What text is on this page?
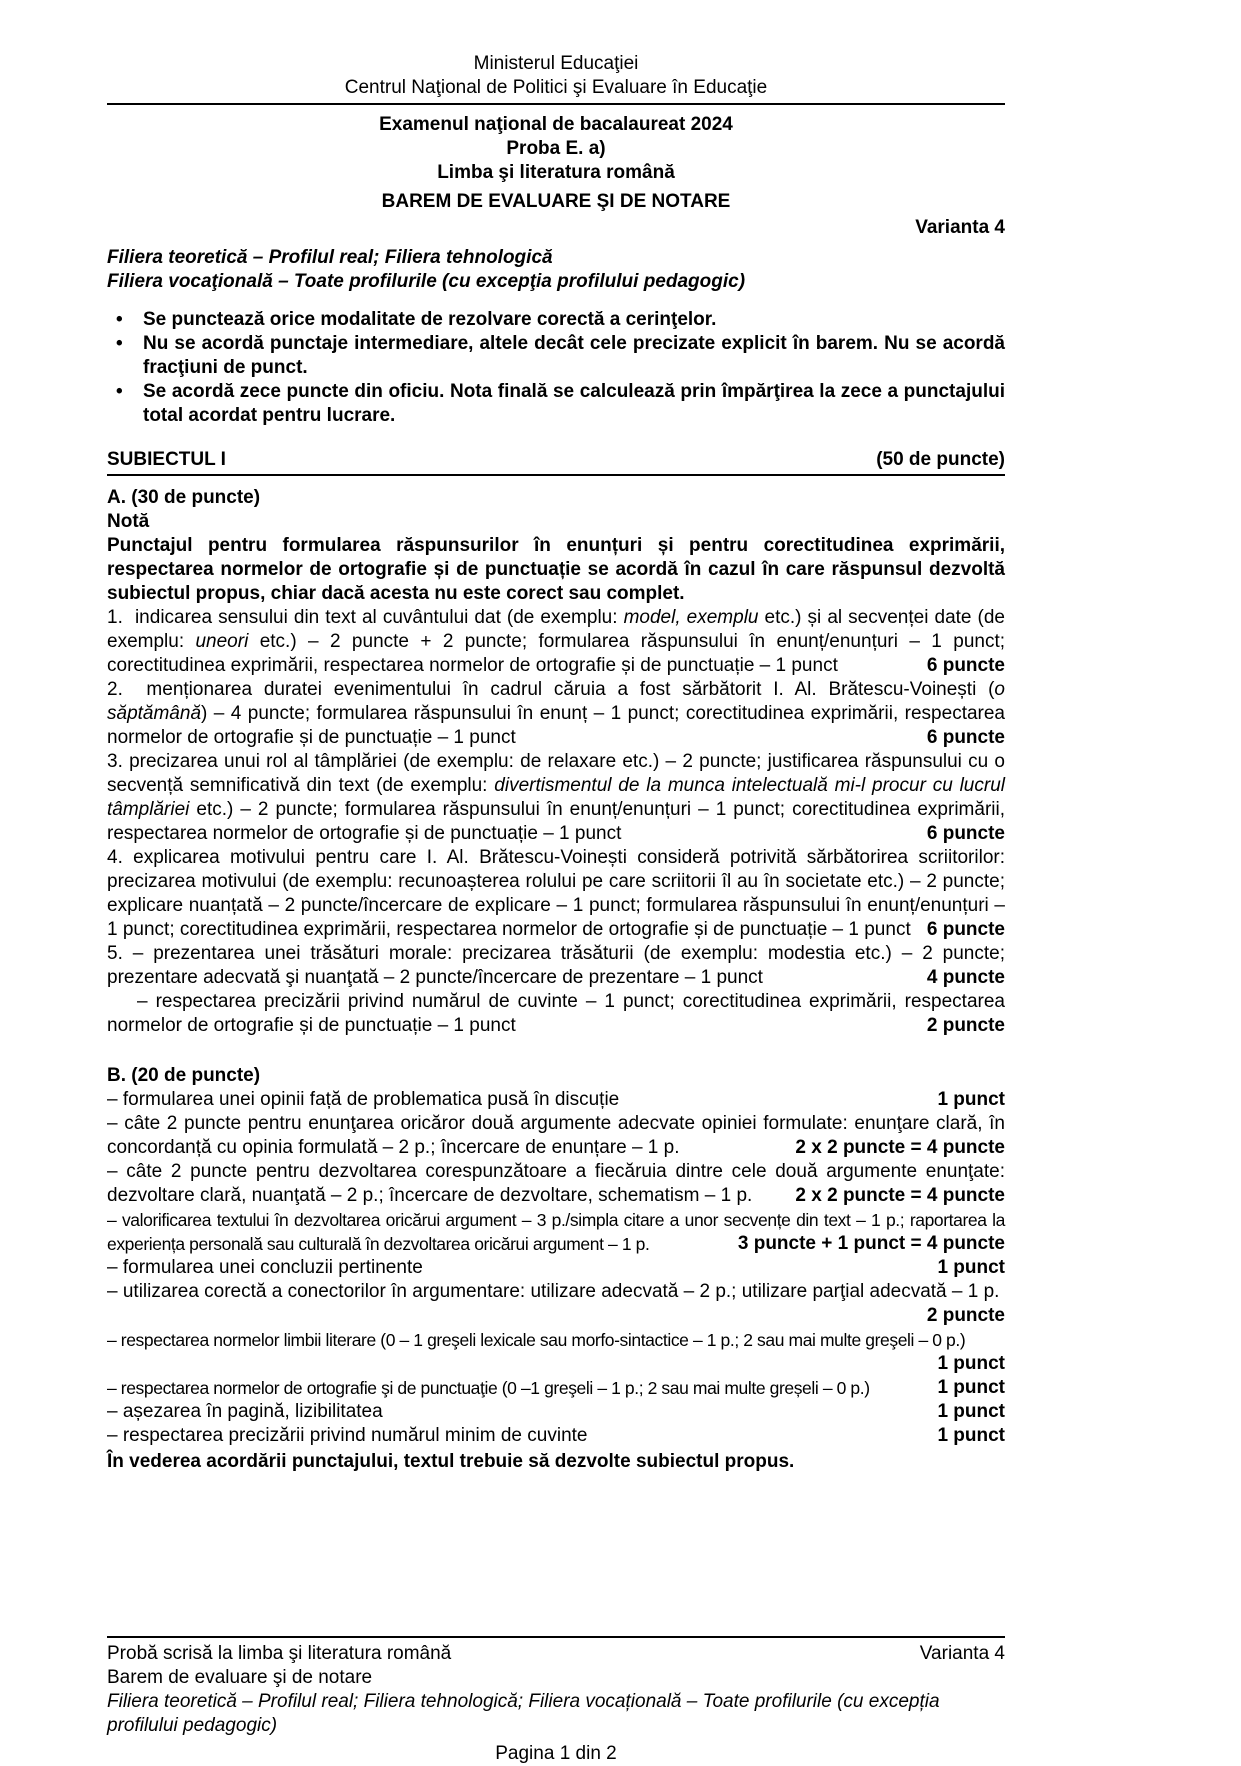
Ministerul Educaţiei
Centrul Naţional de Politici şi Evaluare în Educaţie
Examenul naţional de bacalaureat 2024
Proba E. a)
Limba şi literatura română
BAREM DE EVALUARE ŞI DE NOTARE
Varianta 4
Filiera teoretică – Profilul real; Filiera tehnologică
Filiera vocaţională – Toate profilurile (cu excepţia profilului pedagogic)
•	Se punctează orice modalitate de rezolvare corectă a cerinţelor.
•	Nu se acordă punctaje intermediare, altele decât cele precizate explicit în barem. Nu se acordă fracţiuni de punct.
•	Se acordă zece puncte din oficiu. Nota finală se calculează prin împărţirea la zece a punctajului total acordat pentru lucrare.
SUBIECTUL I	(50 de puncte)
A. (30 de puncte)
Notă
Punctajul pentru formularea răspunsurilor în enunțuri și pentru corectitudinea exprimării, respectarea normelor de ortografie și de punctuație se acordă în cazul în care răspunsul dezvoltă subiectul propus, chiar dacă acesta nu este corect sau complet.
1.  indicarea sensului din text al cuvântului dat (de exemplu: model, exemplu etc.) și al secvenței date (de exemplu: uneori etc.) – 2 puncte + 2 puncte; formularea răspunsului în enunț/enunțuri – 1 punct; corectitudinea exprimării, respectarea normelor de ortografie și de punctuație – 1 punct	6 puncte
2.  menționarea duratei evenimentului în cadrul căruia a fost sărbătorit I. Al. Brătescu-Voinești (o săptămână) – 4 puncte; formularea răspunsului în enunț – 1 punct; corectitudinea exprimării, respectarea normelor de ortografie și de punctuație – 1 punct	6 puncte
3. precizarea unui rol al tâmplăriei (de exemplu: de relaxare etc.) – 2 puncte; justificarea răspunsului cu o secvență semnificativă din text (de exemplu: divertismentul de la munca intelectuală mi-l procur cu lucrul tâmplăriei etc.) – 2 puncte; formularea răspunsului în enunț/enunțuri – 1 punct; corectitudinea exprimării, respectarea normelor de ortografie și de punctuație – 1 punct	6 puncte
4. explicarea motivului pentru care I. Al. Brătescu-Voinești consideră potrivită sărbătorirea scriitorilor: precizarea motivului (de exemplu: recunoașterea rolului pe care scriitorii îl au în societate etc.) – 2 puncte; explicare nuanțată – 2 puncte/încercare de explicare – 1 punct; formularea răspunsului în enunț/enunțuri – 1 punct; corectitudinea exprimării, respectarea normelor de ortografie și de punctuație – 1 punct 6 puncte
5. – prezentarea unei trăsături morale: precizarea trăsăturii (de exemplu: modestia etc.) – 2 puncte; prezentare adecvată şi nuanţată – 2 puncte/încercare de prezentare – 1 punct	4 puncte
– respectarea precizării privind numărul de cuvinte – 1 punct; corectitudinea exprimării, respectarea normelor de ortografie și de punctuație – 1 punct	2 puncte
B. (20 de puncte)
– formularea unei opinii față de problematica pusă în discuție	1 punct
– câte 2 puncte pentru enunţarea oricăror două argumente adecvate opiniei formulate: enunţare clară, în concordanță cu opinia formulată – 2 p.; încercare de enunțare – 1 p.	2 x 2 puncte = 4 puncte
– câte 2 puncte pentru dezvoltarea corespunzătoare a fiecăruia dintre cele două argumente enunţate: dezvoltare clară, nuanţată – 2 p.; încercare de dezvoltare, schematism – 1 p. 2 x 2 puncte = 4 puncte
– valorificarea textului în dezvoltarea oricărui argument – 3 p./simpla citare a unor secvențe din text – 1 p.; raportarea la experiența personală sau culturală în dezvoltarea oricărui argument – 1 p.	3 puncte + 1 punct = 4 puncte
– formularea unei concluzii pertinente	1 punct
– utilizarea corectă a conectorilor în argumentare: utilizare adecvată – 2 p.; utilizare parţial adecvată – 1 p.
2 puncte
– respectarea normelor limbii literare (0 – 1 greşeli lexicale sau morfo-sintactice – 1 p.; 2 sau mai multe greşeli – 0 p.)
1 punct
– respectarea normelor de ortografie şi de punctuaţie (0 –1 greşeli – 1 p.; 2 sau mai multe greșeli – 0 p.)	1 punct
– așezarea în pagină, lizibilitatea	1 punct
– respectarea precizării privind numărul minim de cuvinte	1 punct
În vederea acordării punctajului, textul trebuie să dezvolte subiectul propus.
Probă scrisă la limba şi literatura română	Varianta 4
Barem de evaluare şi de notare
Filiera teoretică – Profilul real; Filiera tehnologică; Filiera vocațională – Toate profilurile (cu excepția profilului pedagogic)
Pagina 1 din 2
